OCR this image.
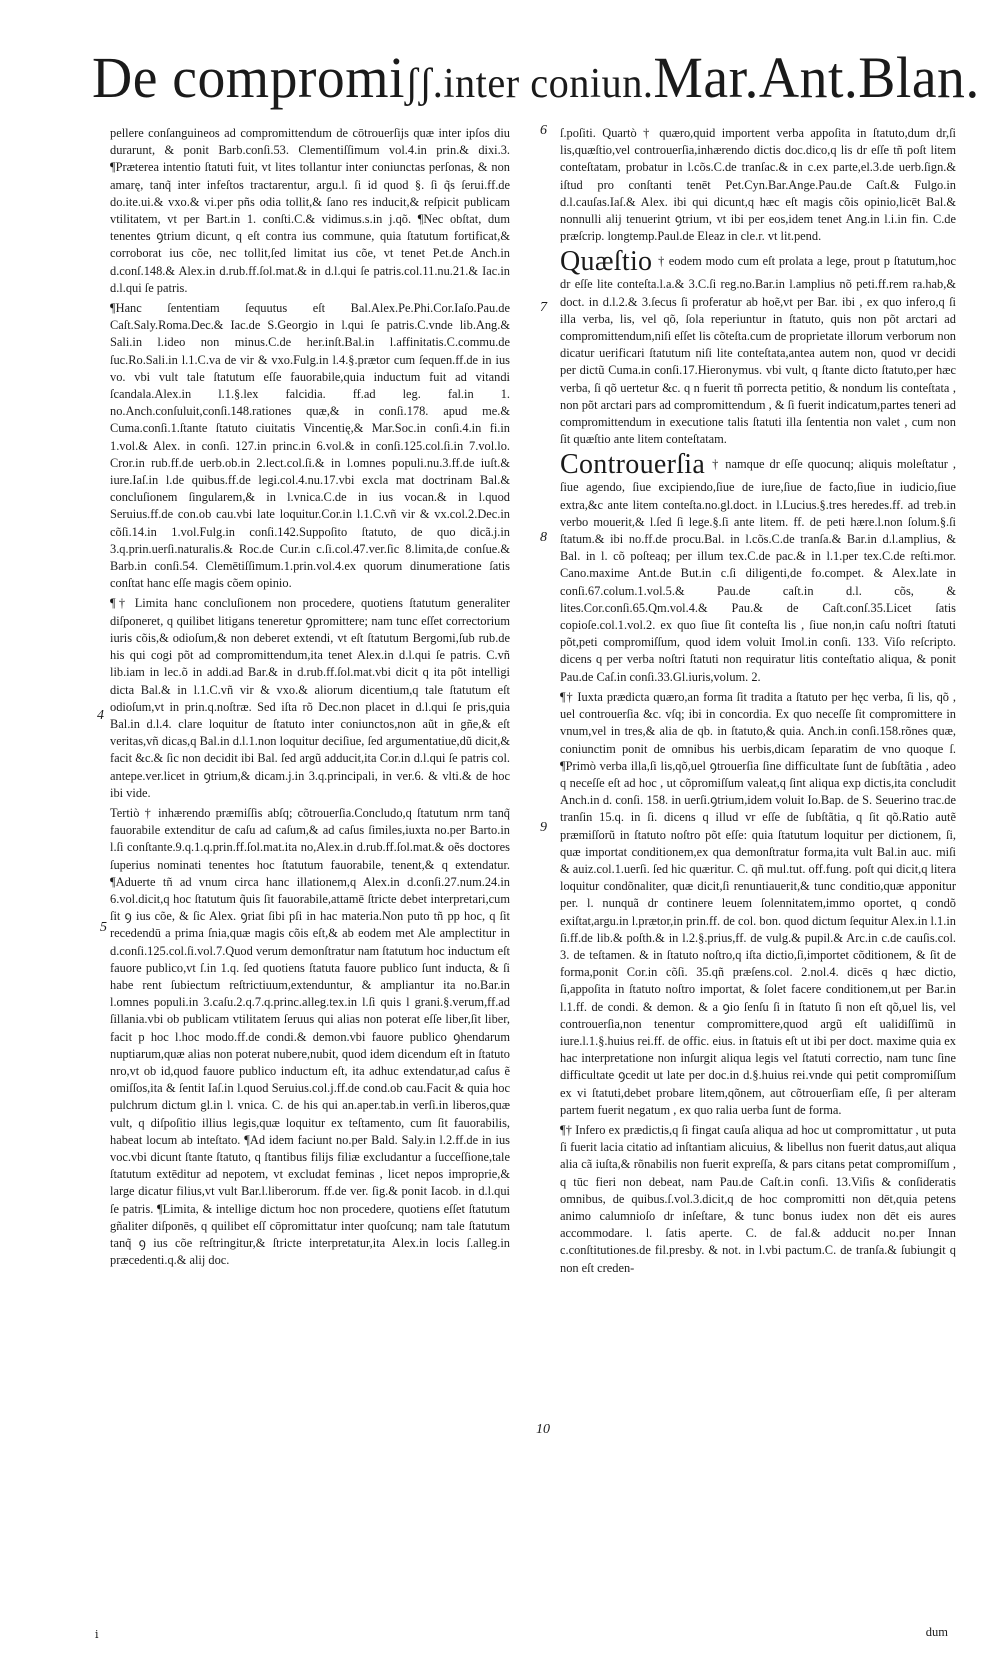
De compromiʃʃ.inter coniun.Mar.Ant.Blan.

pellere conſanguineos ad compromittendum de cōtrouerſijs quæ inter ipſos diu durarunt, & ponit Barb.conſi.53. Clementiſſimum vol.4.in prin.& dixi.3. ¶Præterea intentio ſtatuti fuit, vt lites tollantur inter coniunctas perſonas, & non amarę, tanq̃ inter infeſtos tractarentur, argu.l. ſi id quod §. ſi q̃s ſerui.ff.de do.ite.ui.& vxo.& vi.per pñs odia tollit,& ſano res inducit,& reſpicit publicam vtilitatem, vt per Bart.in 1. conſti.C.& vidimus.s.in j.qõ. ¶Nec obſtat, dum tenentes ꝯtrium dicunt, q eſt contra ius commune, quia ſtatutum fortificat,& corroborat ius cõe, nec tollit,ſed limitat ius cõe, vt tenet Pet.de Anch.in d.conſ.148.& Alex.in d.rub.ff.ſol.mat.& in d.l.qui ſe patris.col.11.nu.21.& Iac.in d.l.qui ſe patris.

¶Hanc ſententiam ſequutus eſt Bal.Alex.Pe.Phi.Cor.Iaſo.Pau.de Caſt.Saly.Roma.Dec.& Iac.de S.Georgio in l.qui ſe patris.C.vnde lib.Ang.& Sali.in l.ideo non minus.C.de her.inſt.Bal.in l.affinitatis.C.commu.de ſuc.Ro.Sali.in l.1.C.va de vir & vxo.Fulg.in l.4.§.prætor cum ſequen.ff.de in ius vo. vbi vult tale ſtatutum eſſe fauorabile,quia inductum fuit ad vitandi ſcandala.Alex.in l.1.§.lex falcidia. ff.ad leg. fal.in 1. no.Anch.conſuluit,conſi.148.rationes quæ,& in conſi.178. apud me.& Cuma.conſi.1.ſtante ſtatuto ciuitatis Vincentię,& Mar.Soc.in conſi.4.in fi.in 1.vol.& Alex. in conſi. 127.in princ.in 6.vol.& in conſi.125.col.ſi.in 7.vol.lo. Cror.in rub.ff.de uerb.ob.in 2.lect.col.ſi.& in l.omnes populi.nu.3.ff.de iuſt.& iure.Iaſ.in l.de quibus.ff.de legi.col.4.nu.17.vbi excla mat doctrinam Bal.& concluſionem ſingularem,& in l.vnica.C.de in ius vocan.& in l.quod Seruius.ff.de con.ob cau.vbi late loquitur.Cor.in l.1.C.vñ vir & vx.col.2.Dec.in cõſi.14.in 1.vol.Fulg.in conſi.142.Suppoſito ſtatuto, de quo dicã.j.in 3.q.prin.uerſi.naturalis.& Roc.de Cur.in c.ſi.col.47.ver.ſic 8.limita,de conſue.& Barb.in conſi.54. Clemētiſſimum.1.prin.vol.4.ex quorum dinumeratione ſatis conſtat hanc eſſe magis cõem opinio.

¶† Limita hanc concluſionem non procedere, quotiens ſtatutum generaliter diſponeret, q quilibet litigans teneretur ꝯpromittere; nam tunc eſſet correctorium iuris cõis,& odioſum,& non deberet extendi, vt eſt ſtatutum Bergomi,ſub rub.de his qui cogi põt ad compromittendum,ita tenet Alex.in d.l.qui ſe patris. C.vñ lib.iam in lec.õ in addi.ad Bar.& in d.rub.ff.ſol.mat.vbi dicit q ita põt intelligi dicta Bal.& in l.1.C.vñ vir & vxo.& aliorum dicentium,q tale ſtatutum eſt odioſum,vt in prin.q.noſtræ. Sed iſta rõ Dec.non placet in d.l.qui ſe pris,quia Bal.in d.l.4. clare loquitur de ſtatuto inter coniunctos,non aũt in gñe,& eſt veritas,vñ dicas,q Bal.in d.l.1.non loquitur deciſiue, ſed argumentatiue,dũ dicit,& facit &c.& ſic non decidit ibi Bal. ſed argũ adducit,ita Cor.in d.l.qui ſe patris col. antepe.ver.licet in ꝯtrium,& dicam.j.in 3.q.principali, in ver.6. & vlti.& de hoc ibi vide.

Tertiò † inhærendo præmiſſis abſq; cõtrouerſia.Concludo,q ſtatutum nrm tanq̃ fauorabile extenditur de caſu ad caſum,& ad caſus ſimiles,iuxta no.per Barto.in l.ſi conſtante.9.q.1.q.prin.ff.ſol.mat.ita no,Alex.in d.rub.ff.ſol.mat.& oẽs doctores ſuperius nominati tenentes hoc ſtatutum fauorabile, tenent,& q extendatur. ¶Aduerte tñ ad vnum circa hanc illationem,q Alex.in d.conſi.27.num.24.in 6.vol.dicit,q hoc ſtatutum q̃uis ſit fauorabile,attamē ſtricte debet interpretari,cum ſit ꝯ ius cõe, & ſic Alex. ꝯriat ſibi pſi in hac materia.Non puto tñ pp hoc, q ſit recedendū a prima ſnia,quæ magis cõis eſt,& ab eodem met Ale amplectitur in d.conſi.125.col.ſi.vol.7.Quod verum demonſtratur nam ſtatutum hoc inductum eſt fauore publico,vt ſ.in 1.q. ſed quotiens ſtatuta fauore publico ſunt inducta, & ſi habe rent ſubiectum reſtrictiuum,extenduntur, & ampliantur ita no.Bar.in l.omnes populi.in 3.caſu.2.q.7.q.princ.alleg.tex.in l.ſi quis l grani.§.verum,ff.ad ſillania.vbi ob publicam vtilitatem ſeruus qui alias non poterat eſſe liber,ſit liber, facit p hoc l.hoc modo.ff.de condi.& demon.vbi fauore publico ꝯhendarum nuptiarum,quæ alias non poterat nubere,nubit, quod idem dicendum eſt in ſtatuto nro,vt ob id,quod fauore publico inductum eſt, ita adhuc extendatur,ad caſus ẽ omiſſos,ita & ſentit Iaſ.in l.quod Seruius.col.j.ff.de cond.ob cau.Facit & quia hoc pulchrum dictum gl.in l. vnica. C. de his qui an.aper.tab.in verſi.in liberos,quæ vult, q diſpoſitio illius legis,quæ loquitur ex teſtamento, cum ſit fauorabilis, habeat locum ab inteſtato. ¶Ad idem faciunt no.per Bald. Saly.in l.2.ff.de in ius voc.vbi dicunt ſtante ſtatuto, q ſtantibus filijs filiæ excludantur a ſucceſſione,tale ſtatutum extēditur ad nepotem, vt excludat feminas , licet nepos improprie,& large dicatur filius,vt vult Bar.l.liberorum. ff.de ver. ſig.& ponit Iacob. in d.l.qui ſe patris. ¶Limita, & intellige dictum hoc non procedere, quotiens eſſet ſtatutum gñaliter diſponēs, q quilibet eſſ cōpromittatur inter quoſcunq; nam tale ſtatutum tanq̃ ꝯ ius cõe reſtringitur,& ſtricte interpretatur,ita Alex.in locis ſ.alleg.in præcedenti.q.& alij doc.

4
5
6
7
8
9
10

ſ.poſiti. Quartò † quæro,quid importent verba appoſita in ſtatuto,dum dr,ſi lis,quæſtio,vel controuerſia,inhærendo dictis doc.dico,q lis dr eſſe tñ poſt litem conteſtatam, probatur in l.cõs.C.de tranſac.& in c.ex parte,el.3.de uerb.ſign.& iſtud pro conſtanti tenēt Pet.Cyn.Bar.Ange.Pau.de Caſt.& Fulgo.in d.l.cauſas.Iaſ.& Alex. ibi qui dicunt,q hæc eſt magis cõis opinio,licēt Bal.& nonnulli alij tenuerint ꝯtrium, vt ibi per eos,idem tenet Ang.in l.i.in fin. C.de præſcrip. longtemp.Paul.de Eleaz in cle.r. vt lit.pend.

Quæſtio † eodem modo cum eſt prolata a lege, prout p ſtatutum,hoc dr eſſe lite conteſta.l.a.& 3.C.ſi reg.no.Bar.in l.amplius nõ peti.ff.rem ra.hab,& doct. in d.l.2.& 3.ſecus ſi proferatur ab hoẽ,vt per Bar. ibi , ex quo infero,q ſi illa verba, lis, vel qõ, ſola reperiuntur in ſtatuto, quis non põt arctari ad compromittendum,niſi eſſet lis cõteſta.cum de proprietate illorum verborum non dicatur uerificari ſtatutum niſi lite conteſtata,antea autem non, quod vr decidi per dictũ Cuma.in conſi.17.Hieronymus. vbi vult, q ſtante dicto ſtatuto,per hæc verba, ſi qõ uertetur &c. q n fuerit tñ porrecta petitio, & nondum lis conteſtata , non põt arctari pars ad compromittendum , & ſi fuerit indicatum,partes teneri ad compromittendum in executione talis ſtatuti illa ſententia non valet , cum non ſit quæſtio ante litem conteſtatam.

Controuerſia † namque dr eſſe quocunq; aliquis moleſtatur , ſiue agendo, ſiue excipiendo,ſiue de iure,ſiue de facto,ſiue in iudicio,ſiue extra,&c ante litem conteſta.no.gl.doct. in l.Lucius.§.tres heredes.ff. ad treb.in verbo mouerit,& l.ſed ſi lege.§.ſi ante litem. ff. de peti hære.l.non ſolum.§.ſi ſtatum.& ibi no.ff.de procu.Bal. in l.cõs.C.de tranſa.& Bar.in d.l.amplius, & Bal. in l. cõ poſteaq; per illum tex.C.de pac.& in l.1.per tex.C.de reſti.mor. Cano.maxime Ant.de But.in c.ſi diligenti,de fo.compet. & Alex.late in conſi.67.colum.1.vol.5.& Pau.de caſt.in d.l. cõs, & lites.Cor.conſi.65.Qm.vol.4.& Pau.& de Caſt.conſ.35.Licet ſatis copioſe.col.1.vol.2. ex quo ſiue ſit conteſta lis , ſiue non,in caſu noſtri ſtatuti põt,peti compromiſſum, quod idem voluit Imol.in conſi. 133. Viſo reſcripto. dicens q per verba noſtri ſtatuti non requiratur litis conteſtatio aliqua, & ponit Pau.de Caſ.in conſi.33.Gl.iuris,volum. 2.

¶† Iuxta prædicta quæro,an forma ſit tradita a ſtatuto per hęc verba, ſi lis, qõ , uel controuerſia &c. vſq; ibi in concordia. Ex quo neceſſe ſit compromittere in vnum,vel in tres,& alia de qb. in ſtatuto,& quia. Anch.in conſi.158.rõnes quæ, coniunctim ponit de omnibus his uerbis,dicam ſeparatim de vno quoque ſ. ¶Primò verba illa,ſi lis,qõ,uel ꝯtrouerſia ſine difficultate ſunt de ſubſtãtia , adeo q neceſſe eſt ad hoc , ut cõpromiſſum valeat,q ſint aliqua exp dictis,ita concludit Anch.in d. conſi. 158. in uerſi.ꝯtrium,idem voluit Io.Bap. de S. Seuerino trac.de tranſin 15.q. in ſi. dicens q illud vr eſſe de ſubſtãtia, q ſit qõ.Ratio autẽ præmiſſorũ in ſtatuto noſtro põt eſſe: quia ſtatutum loquitur per dictionem, ſi, quæ importat conditionem,ex qua demonſtratur forma,ita vult Bal.in auc. miſi & auiz.col.1.uerſi. ſed hic quæritur. C. qñ mul.tut. off.fung. poſt qui dicit,q litera loquitur condõnaliter, quæ dicit,ſi renuntiauerit,& tunc conditio,quæ apponitur per. l. nunquã dr continere leuem ſolennitatem,immo oportet, q condõ exiſtat,argu.in l.prætor,in prin.ff. de col. bon. quod dictum ſequitur Alex.in l.1.in ſi.ff.de lib.& poſth.& in l.2.§.prius,ff. de vulg.& pupil.& Arc.in c.de cauſis.col. 3. de teſtamen. & in ſtatuto noſtro,q iſta dictio,ſi,importet cõditionem, & ſit de forma,ponit Cor.in cõſi. 35.qñ præſens.col. 2.nol.4. dicēs q hæc dictio, ſi,appoſita in ſtatuto noſtro importat, & ſolet facere conditionem,ut per Bar.in l.1.ff. de condi. & demon. & a ꝯio ſenſu ſi in ſtatuto ſi non eſt qõ,uel lis, vel controuerſia,non tenentur compromittere,quod argũ eſt ualidiſſimũ in iure.l.1.§.huius rei.ff. de offic. eius. in ſtatuis eſt ut ibi per doct. maxime quia ex hac interpretatione non inſurgit aliqua legis vel ſtatuti correctio, nam tunc ſine difficultate ꝯcedit ut late per doc.in d.§.huius rei.vnde qui petit compromiſſum ex vi ſtatuti,debet probare litem,qõnem, aut cõtrouerſiam eſſe, ſi per alteram partem fuerit negatum , ex quo ralia uerba ſunt de forma.

¶† Infero ex prædictis,q ſi fingat cauſa aliqua ad hoc ut compromittatur , ut puta ſi fuerit lacia citatio ad inſtantiam alicuius, & libellus non fuerit datus,aut aliqua alia cã iuſta,& rõnabilis non fuerit expreſſa, & pars citans petat compromiſſum , q tūc fieri non debeat, nam Pau.de Caſt.in conſi. 13.Viſis & conſideratis omnibus, de quibus.ſ.vol.3.dicit,q de hoc compromitti non dēt,quia petens animo calumnioſo dr inſeſtare, & tunc bonus iudex non dēt eis aures accommodare. l. ſatis aperte. C. de fal.& adducit no.per Innan c.conſtitutiones.de fil.presby. & not. in l.vbi pactum.C. de tranſa.& ſubiungit q non eſt creden-

dum
i
